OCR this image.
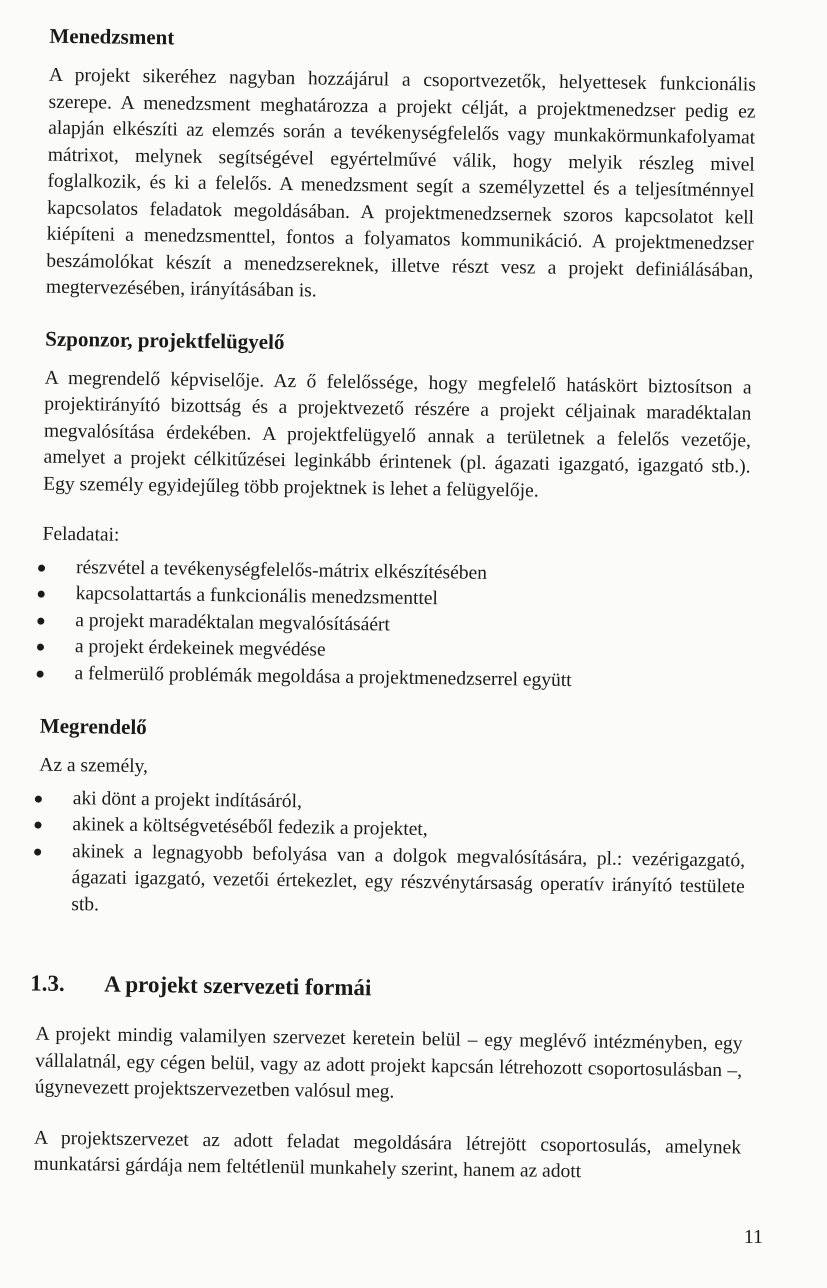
Menedzsment

A projekt sikeréhez nagyban hozzájárul a csoportvezetők, helyettesek funkcionális szerepe. A menedzsment meghatározza a projekt célját, a projektmenedzser pedig ez alapján elkészíti az elemzés során a tevékenységfelelős vagy munkakörmunkafolyamat mátrixot, melynek segítségével egyértelművé válik, hogy melyik részleg mivel foglalkozik, és ki a felelős. A menedzsment segít a személyzettel és a teljesítménnyel kapcsolatos feladatok megoldásában. A projektmenedzsernek szoros kapcsolatot kell kiépíteni a menedzsmenttel, fontos a folyamatos kommunikáció. A projektmenedzser beszámolókat készít a menedzsereknek, illetve részt vesz a projekt definiálásában, megtervezésében, irányításában is.

Szponzor, projektfelügyelő

A megrendelő képviselője. Az ő felelőssége, hogy megfelelő hatáskört biztosítson a projektirányító bizottság és a projektvezető részére a projekt céljainak maradéktalan megvalósítása érdekében. A projektfelügyelő annak a területnek a felelős vezetője, amelyet a projekt célkitűzései leginkább érintenek (pl. ágazati igazgató, igazgató stb.). Egy személy egyidejűleg több projektnek is lehet a felügyelője.

Feladatai:

részvétel a tevékenységfelelős-mátrix elkészítésében
kapcsolattartás a funkcionális menedzsmenttel
a projekt maradéktalan megvalósításáért
a projekt érdekeinek megvédése
a felmerülő problémák megoldása a projektmenedzserrel együtt
Megrendelő

Az a személy,

aki dönt a projekt indításáról,
akinek a költségvetéséből fedezik a projektet,
akinek a legnagyobb befolyása van a dolgok megvalósítására, pl.: vezérigazgató, ágazati igazgató, vezetői értekezlet, egy részvénytársaság operatív irányító testülete stb.
1.3. A projekt szervezeti formái

A projekt mindig valamilyen szervezet keretein belül – egy meglévő intézményben, egy vállalatnál, egy cégen belül, vagy az adott projekt kapcsán létrehozott csoportosulásban –, úgynevezett projektszervezetben valósul meg.

A projektszervezet az adott feladat megoldására létrejött csoportosulás, amelynek munkatársi gárdája nem feltétlenül munkahely szerint, hanem az adott

11
